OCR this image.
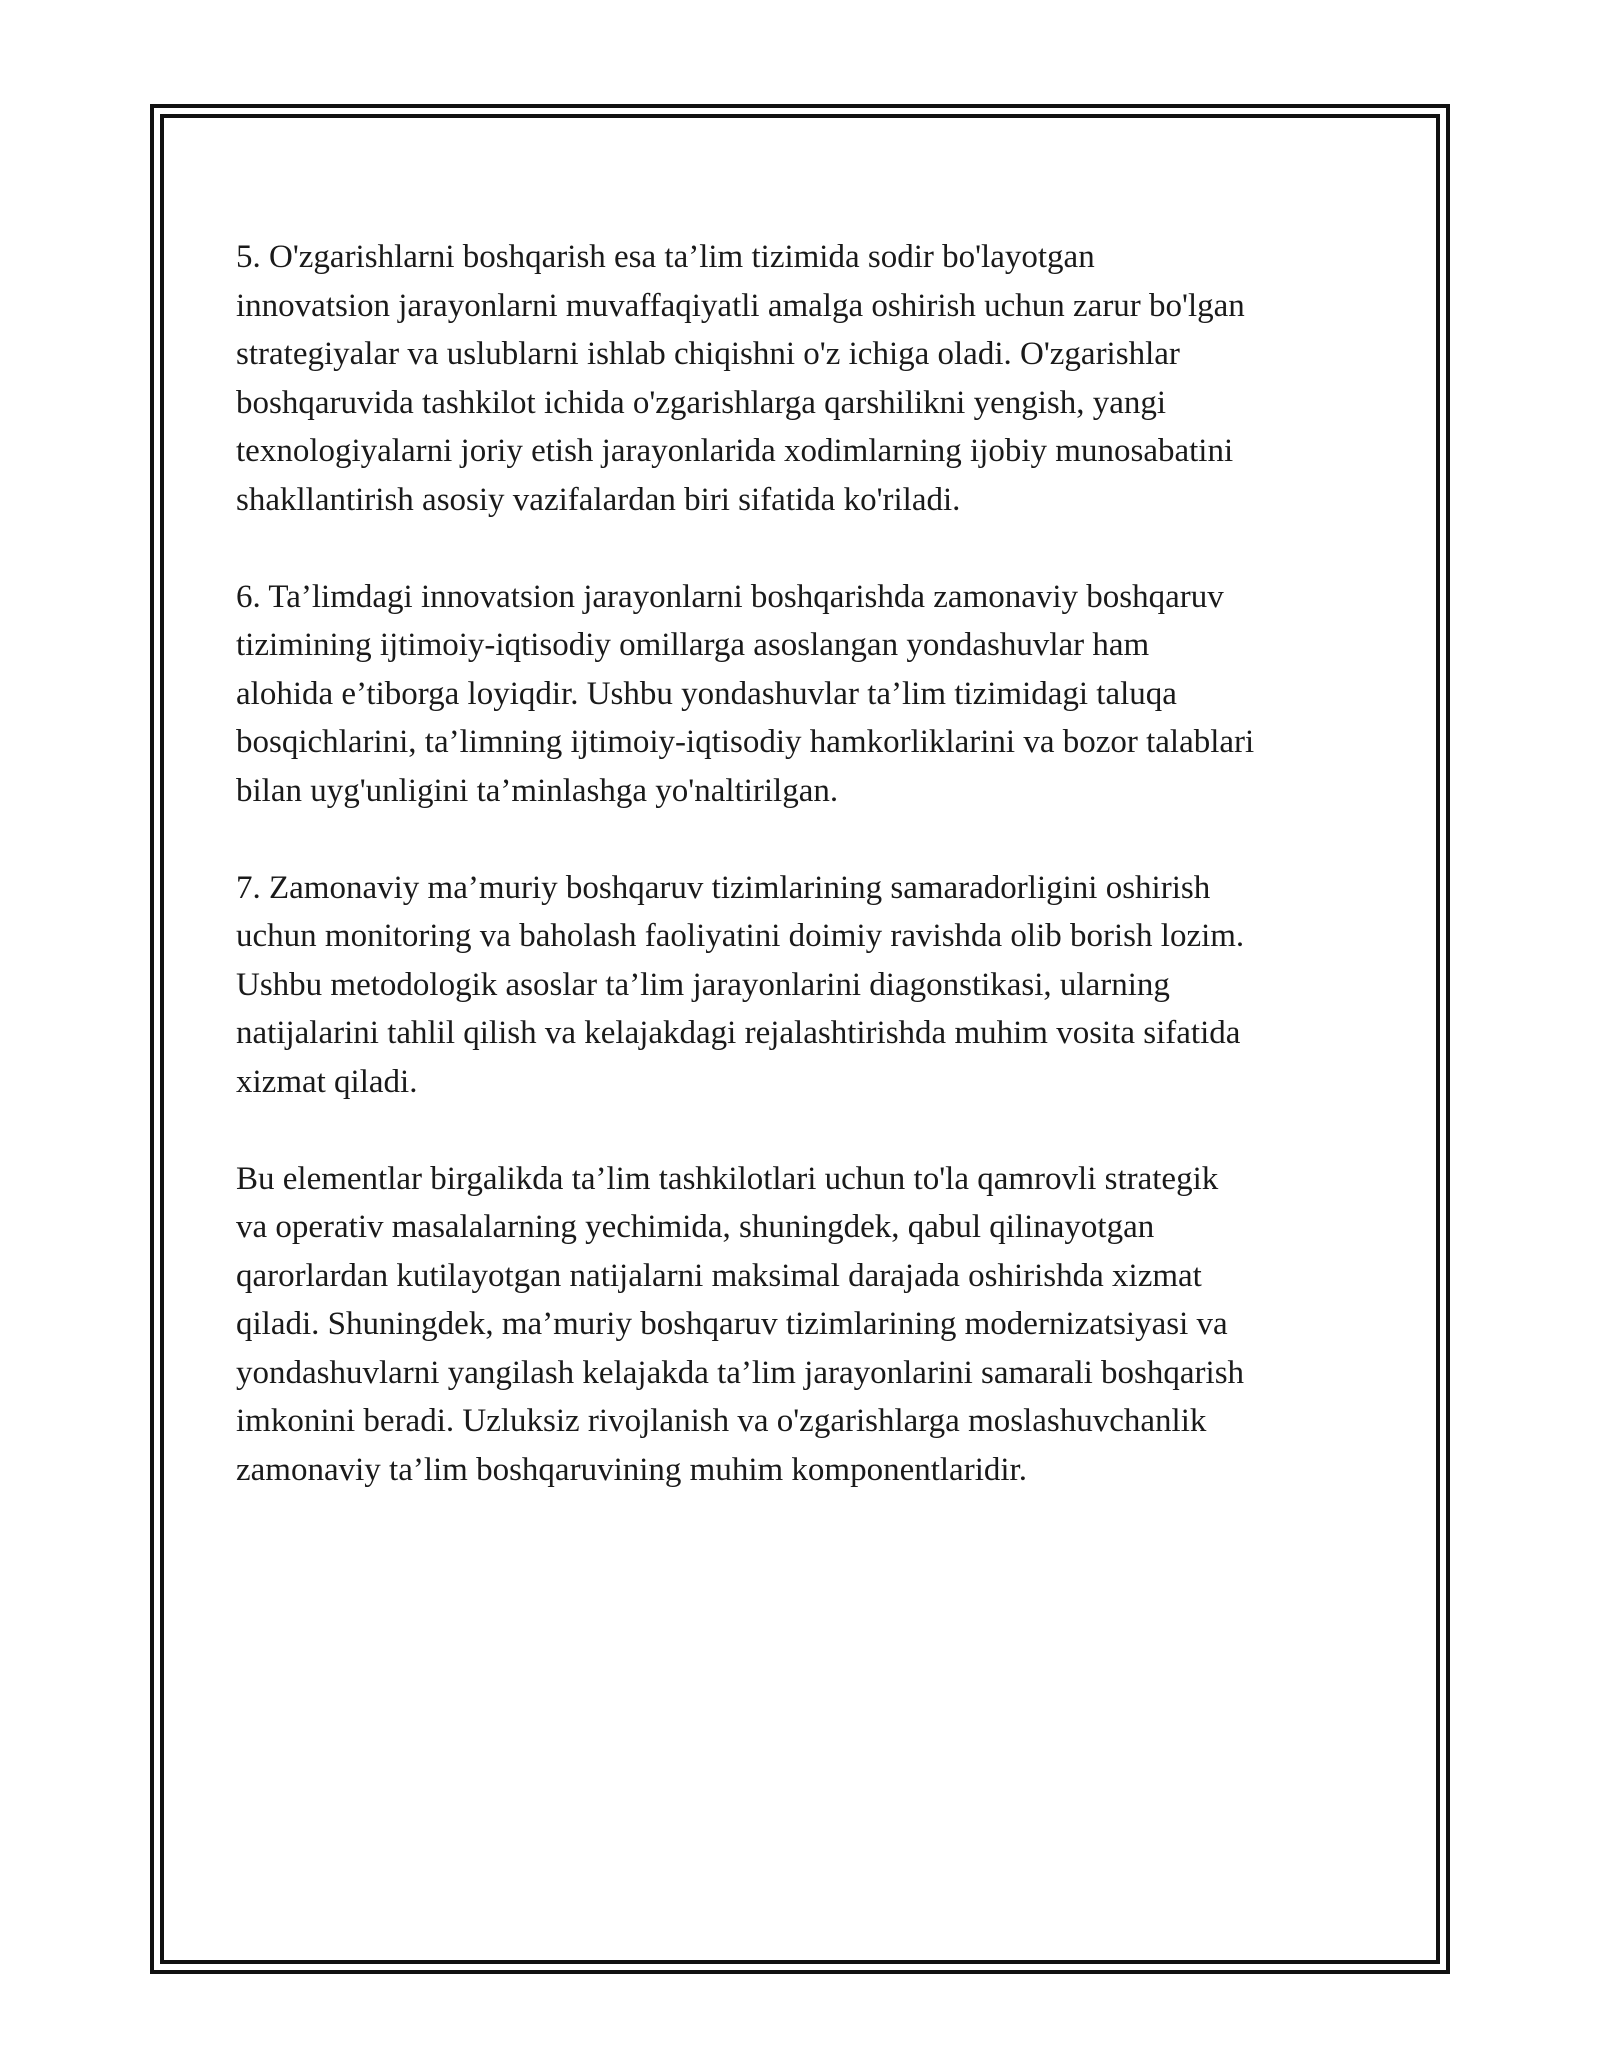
5. O'zgarishlarni boshqarish esa ta’lim tizimida sodir bo'layotgan
innovatsion jarayonlarni muvaffaqiyatli amalga oshirish uchun zarur bo'lgan
strategiyalar va uslublarni ishlab chiqishni o'z ichiga oladi. O'zgarishlar
boshqaruvida tashkilot ichida o'zgarishlarga qarshilikni yengish, yangi
texnologiyalarni joriy etish jarayonlarida xodimlarning ijobiy munosabatini
shakllantirish asosiy vazifalardan biri sifatida ko'riladi.

6. Ta’limdagi innovatsion jarayonlarni boshqarishda zamonaviy boshqaruv
tizimining ijtimoiy-iqtisodiy omillarga asoslangan yondashuvlar ham
alohida e’tiborga loyiqdir. Ushbu yondashuvlar ta’lim tizimidagi taluqa
bosqichlarini, ta’limning ijtimoiy-iqtisodiy hamkorliklarini va bozor talablari
bilan uyg'unligini ta’minlashga yo'naltirilgan.

7. Zamonaviy ma’muriy boshqaruv tizimlarining samaradorligini oshirish
uchun monitoring va baholash faoliyatini doimiy ravishda olib borish lozim.
Ushbu metodologik asoslar ta’lim jarayonlarini diagonstikasi, ularning
natijalarini tahlil qilish va kelajakdagi rejalashtirishda muhim vosita sifatida
xizmat qiladi.

Bu elementlar birgalikda ta’lim tashkilotlari uchun to'la qamrovli strategik
va operativ masalalarning yechimida, shuningdek, qabul qilinayotgan
qarorlardan kutilayotgan natijalarni maksimal darajada oshirishda xizmat
qiladi. Shuningdek, ma’muriy boshqaruv tizimlarining modernizatsiyasi va
yondashuvlarni yangilash kelajakda ta’lim jarayonlarini samarali boshqarish
imkonini beradi. Uzluksiz rivojlanish va o'zgarishlarga moslashuvchanlik
zamonaviy ta’lim boshqaruvining muhim komponentlaridir.
